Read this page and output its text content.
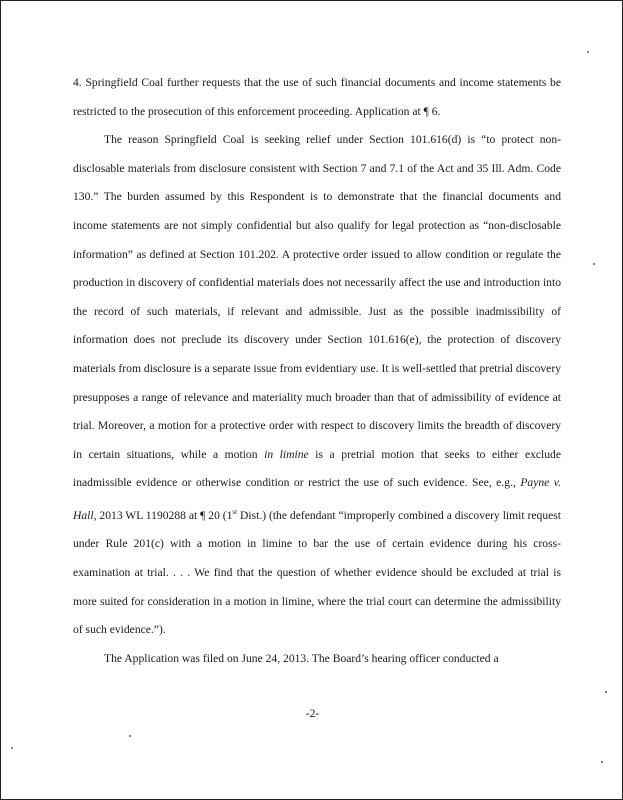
4. Springfield Coal further requests that the use of such financial documents and income statements be restricted to the prosecution of this enforcement proceeding. Application at ¶ 6.

The reason Springfield Coal is seeking relief under Section 101.616(d) is “to protect non-disclosable materials from disclosure consistent with Section 7 and 7.1 of the Act and 35 Ill. Adm. Code 130.” The burden assumed by this Respondent is to demonstrate that the financial documents and income statements are not simply confidential but also qualify for legal protection as “non-disclosable information” as defined at Section 101.202. A protective order issued to allow condition or regulate the production in discovery of confidential materials does not necessarily affect the use and introduction into the record of such materials, if relevant and admissible. Just as the possible inadmissibility of information does not preclude its discovery under Section 101.616(e), the protection of discovery materials from disclosure is a separate issue from evidentiary use. It is well-settled that pretrial discovery presupposes a range of relevance and materiality much broader than that of admissibility of evidence at trial. Moreover, a motion for a protective order with respect to discovery limits the breadth of discovery in certain situations, while a motion in limine is a pretrial motion that seeks to either exclude inadmissible evidence or otherwise condition or restrict the use of such evidence. See, e.g., Payne v. Hall, 2013 WL 1190288 at ¶ 20 (1st Dist.) (the defendant “improperly combined a discovery limit request under Rule 201(c) with a motion in limine to bar the use of certain evidence during his cross-examination at trial. . . . We find that the question of whether evidence should be excluded at trial is more suited for consideration in a motion in limine, where the trial court can determine the admissibility of such evidence.”).

The Application was filed on June 24, 2013. The Board’s hearing officer conducted a

-2-
